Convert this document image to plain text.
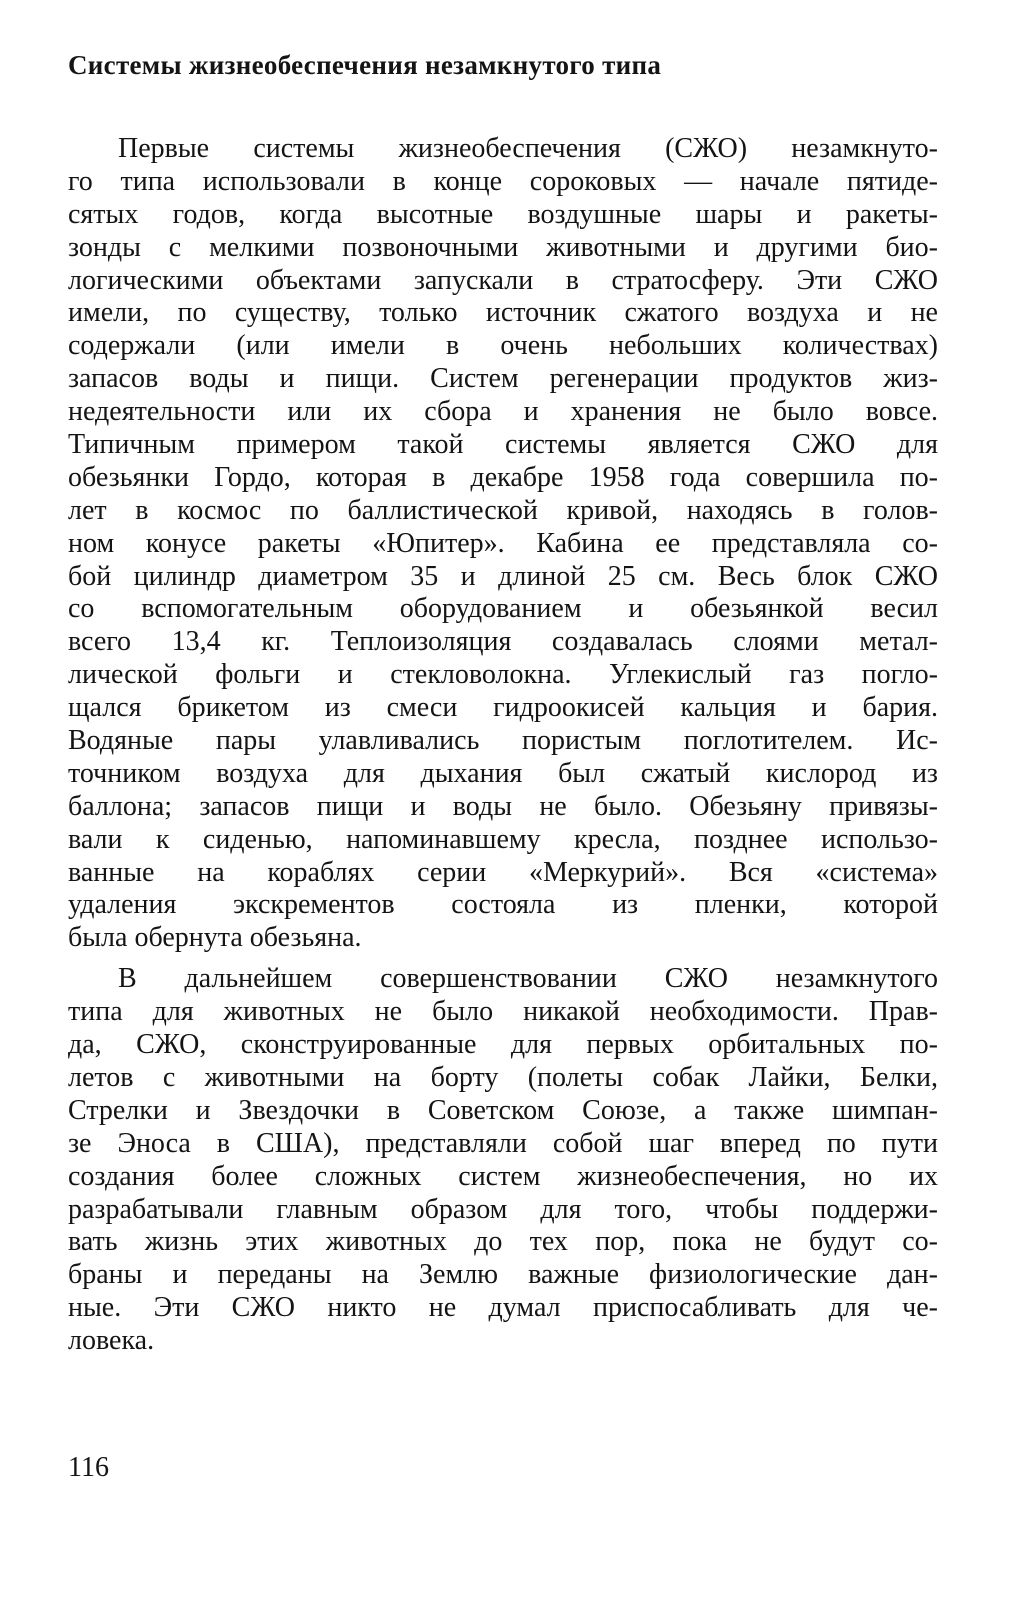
Системы жизнеобеспечения незамкнутого типа
Первые системы жизнеобеспечения (СЖО) незамкнуто-
го типа использовали в конце сороковых — начале пятиде-
сятых годов, когда высотные воздушные шары и ракеты-
зонды с мелкими позвоночными животными и другими био-
логическими объектами запускали в стратосферу. Эти СЖО
имели, по существу, только источник сжатого воздуха и не
содержали (или имели в очень небольших количествах)
запасов воды и пищи. Систем регенерации продуктов жиз-
недеятельности или их сбора и хранения не было вовсе.
Типичным примером такой системы является СЖО для
обезьянки Гордо, которая в декабре 1958 года совершила по-
лет в космос по баллистической кривой, находясь в голов-
ном конусе ракеты «Юпитер». Кабина ее представляла со-
бой цилиндр диаметром 35 и длиной 25 см. Весь блок СЖО
со вспомогательным оборудованием и обезьянкой весил
всего 13,4 кг. Теплоизоляция создавалась слоями метал-
лической фольги и стекловолокна. Углекислый газ погло-
щался брикетом из смеси гидроокисей кальция и бария.
Водяные пары улавливались пористым поглотителем. Ис-
точником воздуха для дыхания был сжатый кислород из
баллона; запасов пищи и воды не было. Обезьяну привязы-
вали к сиденью, напоминавшему кресла, позднее использо-
ванные на кораблях серии «Меркурий». Вся «система»
удаления экскрементов состояла из пленки, которой
была обернута обезьяна.
В дальнейшем совершенствовании СЖО незамкнутого
типа для животных не было никакой необходимости. Прав-
да, СЖО, сконструированные для первых орбитальных по-
летов с животными на борту (полеты собак Лайки, Белки,
Стрелки и Звездочки в Советском Союзе, а также шимпан-
зе Эноса в США), представляли собой шаг вперед по пути
создания более сложных систем жизнеобеспечения, но их
разрабатывали главным образом для того, чтобы поддержи-
вать жизнь этих животных до тех пор, пока не будут со-
браны и переданы на Землю важные физиологические дан-
ные. Эти СЖО никто не думал приспосабливать для че-
ловека.

116
